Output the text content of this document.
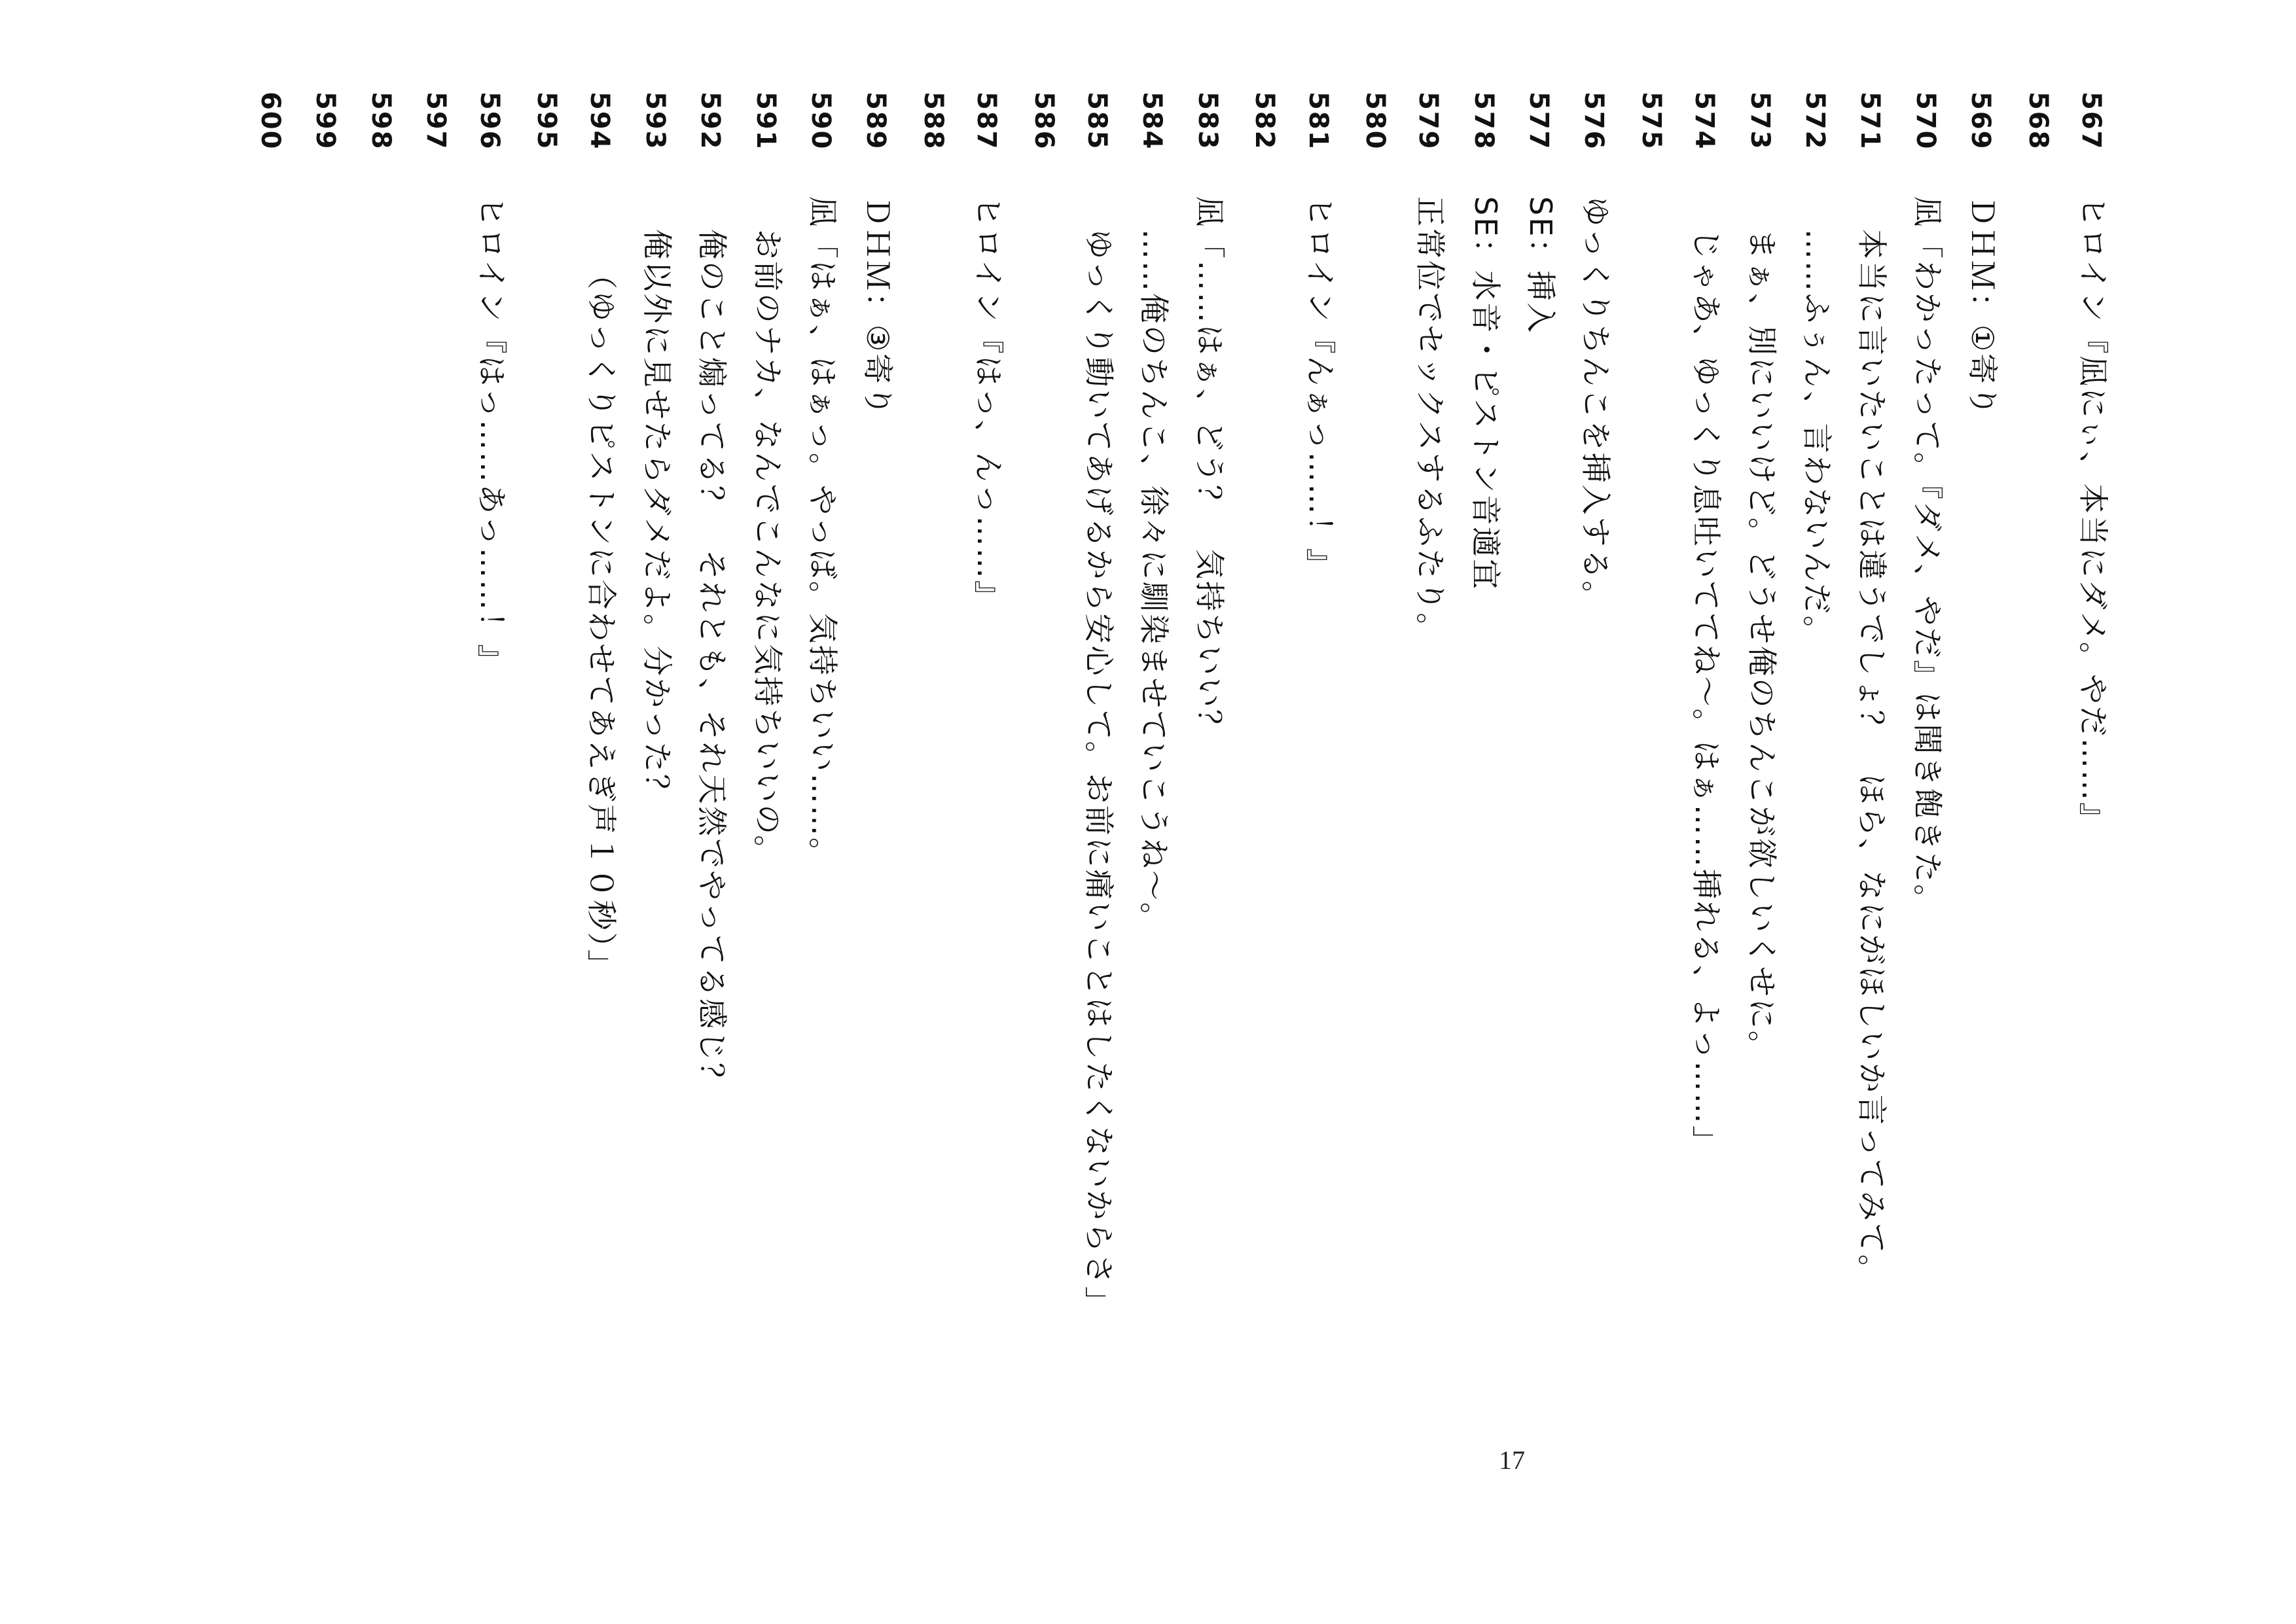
567
ヒロイン『凪にぃ、本当にダメ。やだ……』
568
569
ＤＨＭ：①寄り
570
凪「わかったって。『ダメ、やだ』は聞き飽きた。
571
本当に言いたいことは違うでしょ？　ほら、なにがほしいか言ってみて。
572
……ふぅん、言わないんだ。
573
まぁ、別にいいけど。どうせ俺のちんこが欲しいくせに。
574
じゃあ、ゆっくり息吐いててね～。はぁ……挿れる、よっ……」
575
576
ゆっくりちんこを挿入する。
577
SE：挿入
578
SE：水音・ピストン音適宜
579
正常位でセックスするふたり。
580
581
ヒロイン『んぁっ……！』
582
583
凪「……はぁ、どう？　気持ちいい？
584
……俺のちんこ、徐々に馴染ませていこうね～。
585
ゆっくり動いてあげるから安心して。お前に痛いことはしたくないからさ」
586
587
ヒロイン『はっ、んっ……』
588
589
ＤＨＭ：③寄り
590
凪「はぁ、はぁっ。やっば。気持ちいい……。
591
お前のナカ、なんでこんなに気持ちいいの。
592
俺のこと煽ってる？　それとも、それ天然でやってる感じ？
593
俺以外に見せたらダメだよ。分かった？
594
（ゆっくりピストンに合わせてあえぎ声１０秒）」
595
596
ヒロイン『はっ……あっ……！』
597
598
599
600
17
